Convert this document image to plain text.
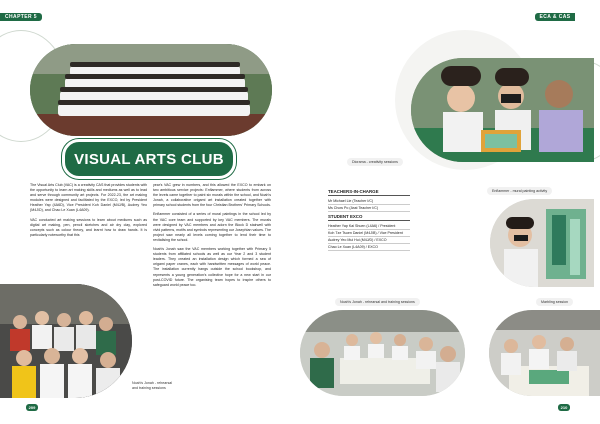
CHAPTER 5
VISUAL ARTS CLUB

The Visual Arts Club (VAC) is a creativity CAS that provides students with the opportunity to learn art making skills and mediums as well as to lead and serve through community art projects. For 2022-23, the art making modules were designed and facilitated by the EXCO, led by President Heather Yap (4A6D), Vice President Koh Daniel (M4J/B), Audrey Yeo (M4J/D), and Chao Le Xuan (L4A09).

VAC conducted art making sessions to learn about mediums such as digital art making, pen, pencil sketches and air dry clay, explored concepts such as colour theory, and learnt how to draw hands. It is particularly noteworthy that this

year's VAC grew in numbers, and this allowed the EXCO to embark on two ambitious service projects: Enflammer, where students from across the levels came together to paint six murals within the school, and Noah's Jonah, a collaborative origami art installation created together with primary school students from the four Christian Brothers' Primary Schools.

Enflammer consisted of a series of mural paintings in the school led by the VAC core team and supported by key VAC members. The murals were designed by VAC members and adorn the Block D stairwell with vivid patterns, motifs and symbols representing our Josephian values. The project saw nearly all levels coming together to lend their time to revitalising the school.

Noah's Jonah saw the VAC members working together with Primary 5 students from affiliated schools as well as our Year 2 and 3 student leaders. They created an installation design which formed a sea of origami paper cranes, each with handwritten messages of world peace. The installation currently hangs outside the school bookshop, and represents a young generation's collective hope for a new start in our post-COVID future. The organising team hopes to inspire others to safeguard world peace too.

Noah's Jonah - rehearsal and training sessions
209
ECA & CAS
Diorama - creativity sessions
TEACHERS-IN-CHARGE
Mr Michael Lie (Teacher I/C)
Ms Chow Po (Asst Teacher I/C)
STUDENT EXCO
Heather Yap Kai Shuen (L4A6) / President
Koh Tze Tsuen Daniel (M4J/B) / Vice President
Audrey Yeo Mui Hui (M4J/D) / EXCO
Chao Le Xuan (L4A09) / EXCO
Enflammer - mural painting activity
Noah's Jonah - rehearsal and training sessions	Marbling session
210
